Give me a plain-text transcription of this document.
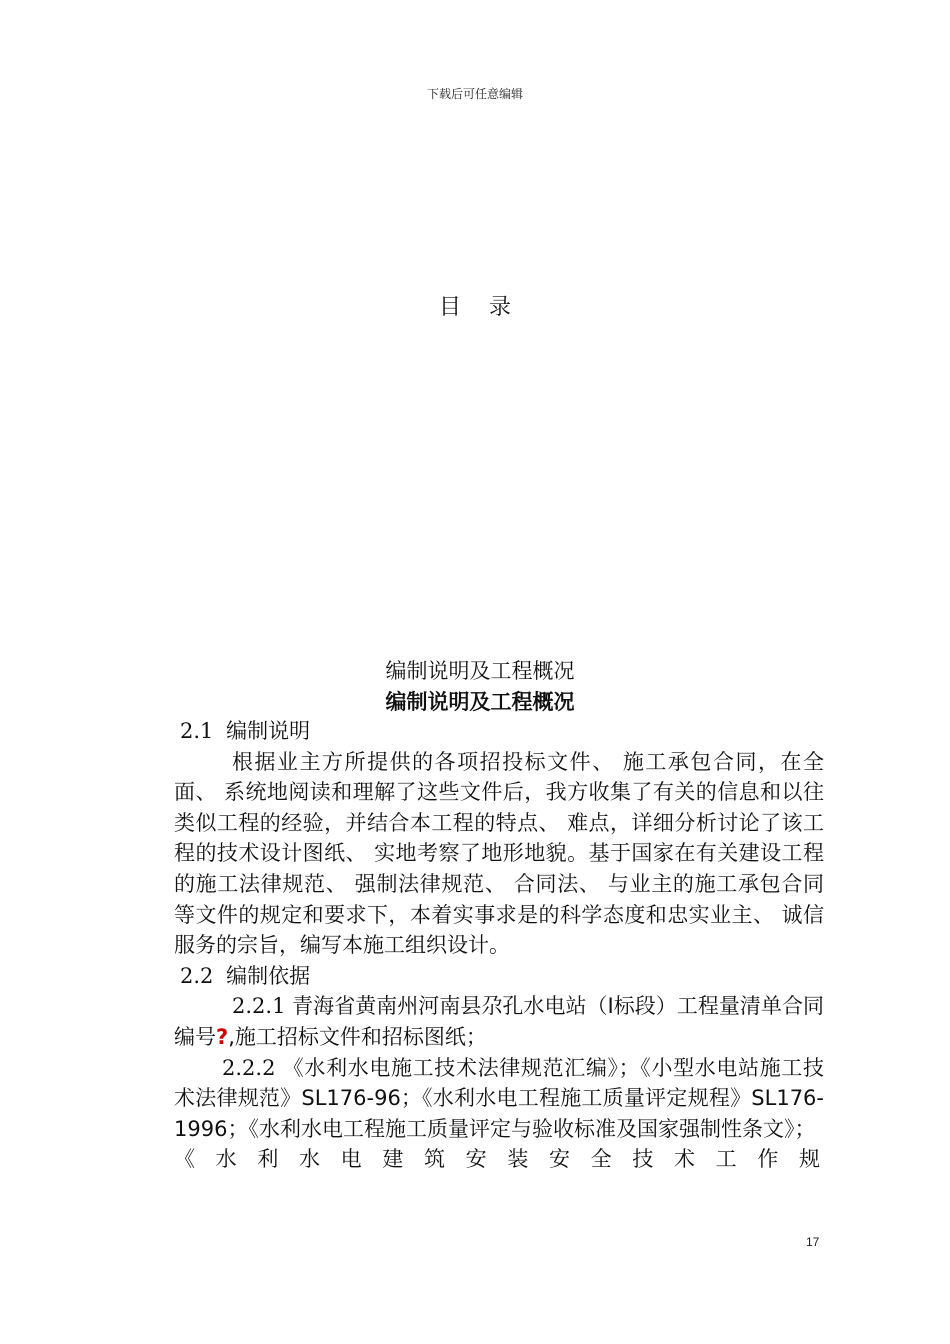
下载后可任意编辑
目录
编制说明及工程概况
编制说明及工程概况
2.1 编制说明

根据业主方所提供的各项招投标文件、 施工承包合同，在全面、 系统地阅读和理解了这些文件后，我方收集了有关的信息和以往类似工程的经验，并结合本工程的特点、 难点，详细分析讨论了该工程的技术设计图纸、 实地考察了地形地貌。基于国家在有关建设工程的施工法律规范、 强制法律规范、 合同法、 与业主的施工承包合同等文件的规定和要求下，本着实事求是的科学态度和忠实业主、 诚信服务的宗旨，编写本施工组织设计。

2.2 编制依据

2.2.1 青海省黄南州河南县尕孔水电站（Ⅰ标段）工程量清单合同编号?,施工招标文件和招标图纸；

2.2.2 《水利水电施工技术法律规范汇编》；《小型水电站施工技术法律规范》SL176-96；《水利水电工程施工质量评定规程》SL176-1996；《水利水电工程施工质量评定与验收标准及国家强制性条文》；

《水利水电建筑安装安全技术工作规

17
